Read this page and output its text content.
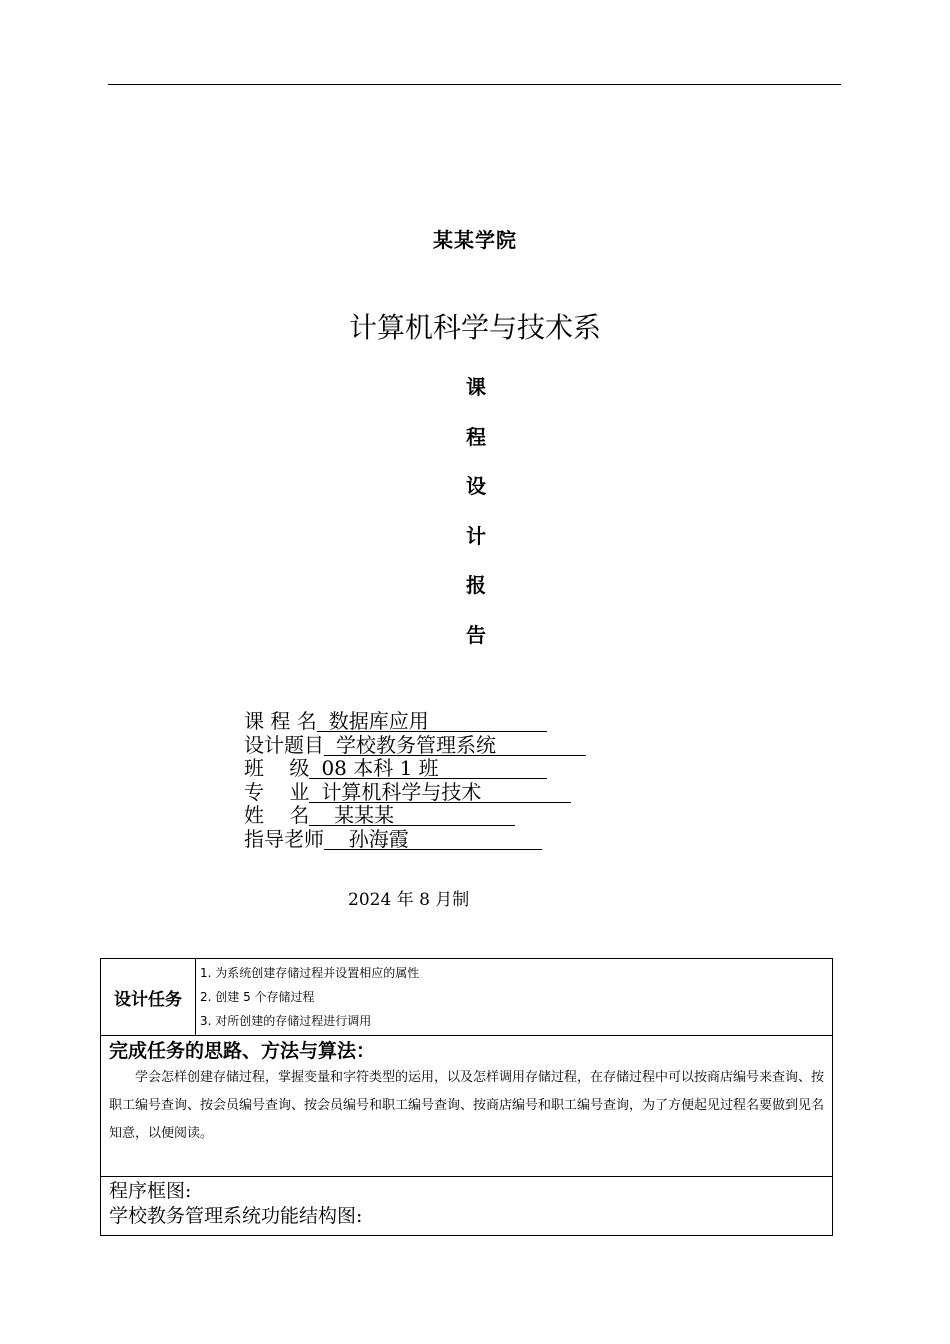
某某学院
计算机科学与技术系
课
程
设
计
报
告
课 程 名 数据库应用
设计题目 学校教务管理系统
班    级 08 本科 1 班
专    业 计算机科学与技术
姓    名  某某某
指导老师  孙海霞
2024 年 8 月制
设计任务	
1. 为系统创建存储过程并设置相应的属性
2. 创建 5 个存储过程
3. 对所创建的存储过程进行调用

完成任务的思路、方法与算法：
学会怎样创建存储过程，掌握变量和字符类型的运用，以及怎样调用存储过程，在存储过程中可以按商店编号来查询、按职工编号查询、按会员编号查询、按会员编号和职工编号查询、按商店编号和职工编号查询，为了方便起见过程名要做到见名知意，以便阅读。

程序框图:
学校教务管理系统功能结构图:
